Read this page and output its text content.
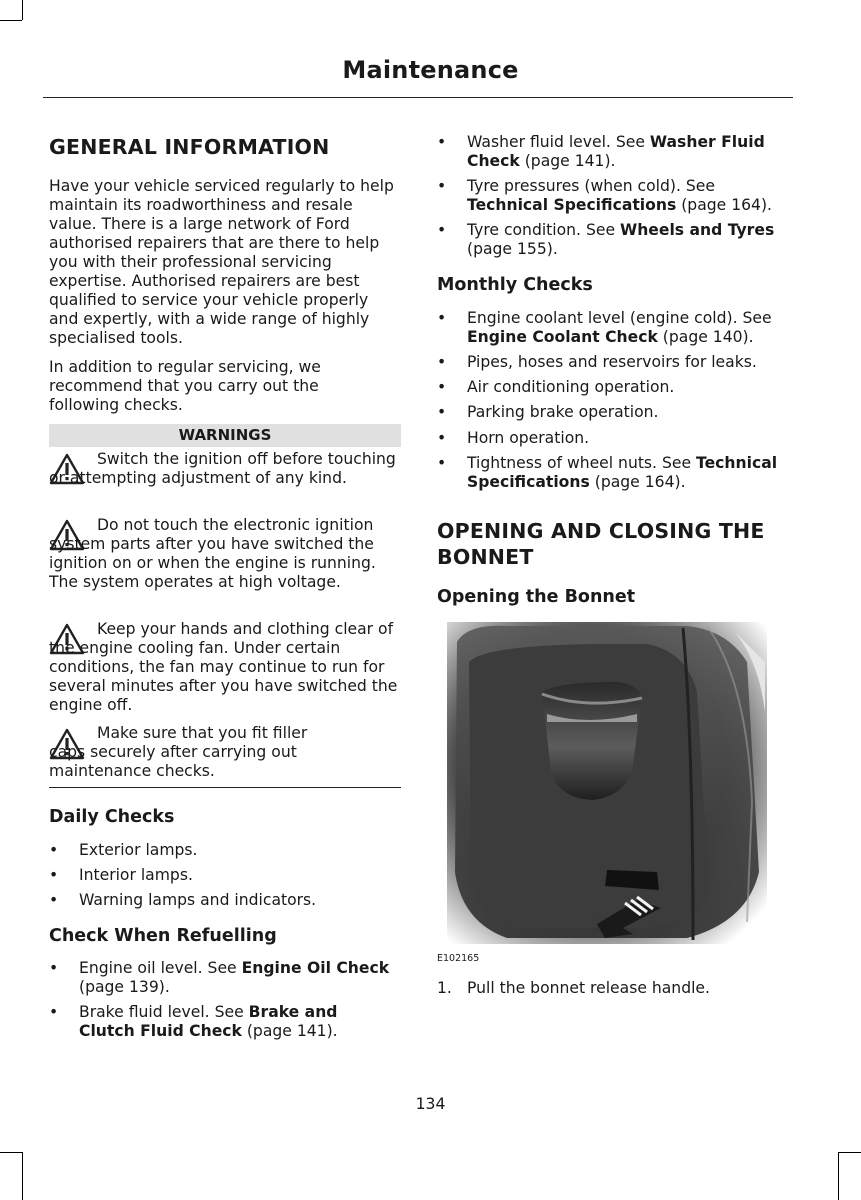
Maintenance
GENERAL INFORMATION
Have your vehicle serviced regularly to help maintain its roadworthiness and resale value. There is a large network of Ford authorised repairers that are there to help you with their professional servicing expertise. Authorised repairers are best qualified to service your vehicle properly and expertly, with a wide range of highly specialised tools.
In addition to regular servicing, we recommend that you carry out the following checks.
WARNINGS
Switch the ignition off before touching or attempting adjustment of any kind.
Do not touch the electronic ignition system parts after you have switched the ignition on or when the engine is running. The system operates at high voltage.
Keep your hands and clothing clear of the engine cooling fan. Under certain conditions, the fan may continue to run for several minutes after you have switched the engine off.
Make sure that you fit filler caps securely after carrying out maintenance checks.
Daily Checks
• Exterior lamps.
• Interior lamps.
• Warning lamps and indicators.
Check When Refuelling
• Engine oil level. See Engine Oil Check (page 139).
• Brake fluid level. See Brake and Clutch Fluid Check (page 141).
• Washer fluid level. See Washer Fluid Check (page 141).
• Tyre pressures (when cold). See Technical Specifications (page 164).
• Tyre condition. See Wheels and Tyres (page 155).
Monthly Checks
• Engine coolant level (engine cold). See Engine Coolant Check (page 140).
• Pipes, hoses and reservoirs for leaks.
• Air conditioning operation.
• Parking brake operation.
• Horn operation.
• Tightness of wheel nuts. See Technical Specifications (page 164).
OPENING AND CLOSING THE BONNET
Opening the Bonnet
1. Pull the bonnet release handle.
E102165
134
